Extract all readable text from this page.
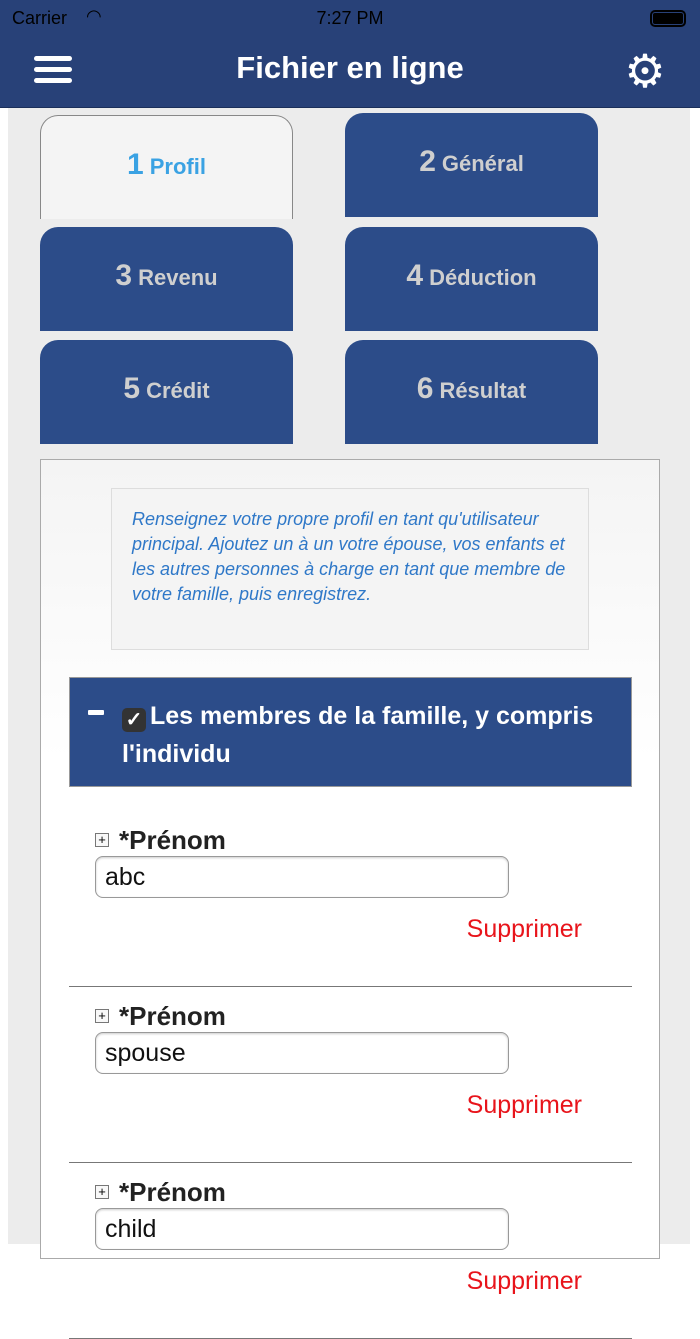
Carrier ◠	7:27 PM
Fichier en ligne	⚙
1 Profil	2 Général
3 Revenu	4 Déduction
5 Crédit	6 Résultat
Renseignez votre propre profil en tant qu'utilisateur principal. Ajoutez un à un votre épouse, vos enfants et les autres personnes à charge en tant que membre de votre famille, puis enregistrez.
✓ Les membres de la famille, y compris l'individu
+ *Prénom
abc
Supprimer
+ *Prénom
spouse
Supprimer
+ *Prénom
child
Supprimer
